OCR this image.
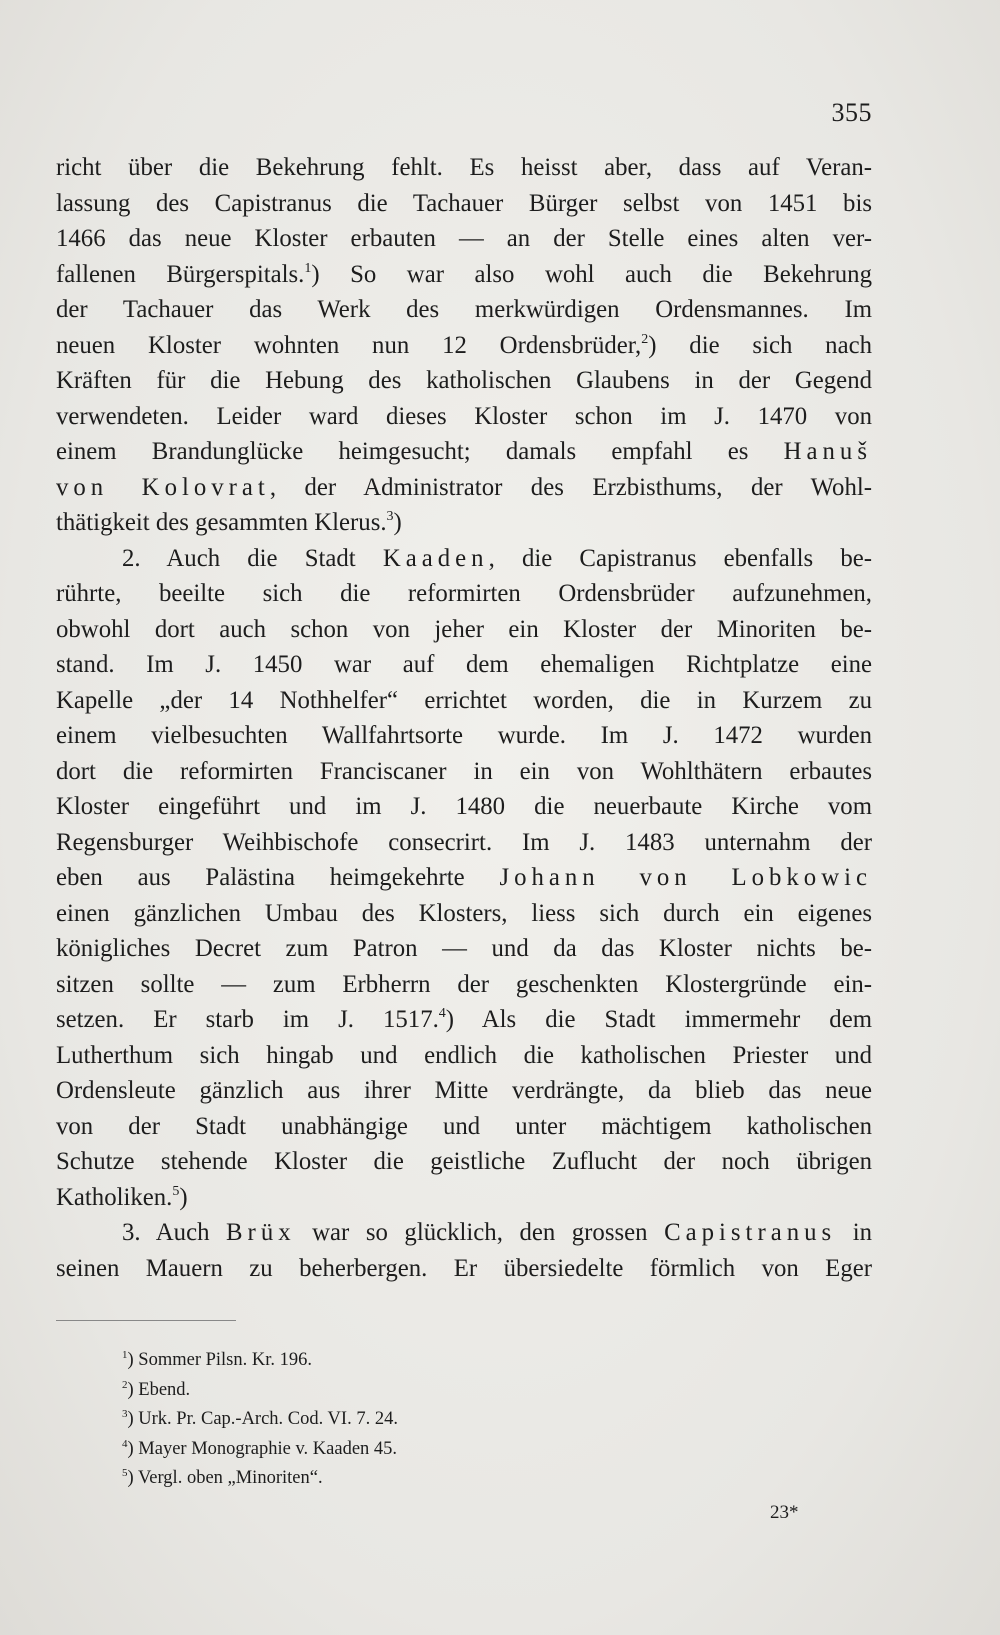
355
richt über die Bekehrung fehlt. Es heisst aber, dass auf Veran-
lassung des Capistranus die Tachauer Bürger selbst von 1451 bis
1466 das neue Kloster erbauten — an der Stelle eines alten ver-
fallenen Bürgerspitals.$^1$) So war also wohl auch die Bekehrung
der Tachauer das Werk des merkwürdigen Ordensmannes. Im
neuen Kloster wohnten nun 12 Ordensbrüder,$^2$) die sich nach
Kräften für die Hebung des katholischen Glaubens in der Gegend
verwendeten. Leider ward dieses Kloster schon im J. 1470 von
einem Brandunglücke heimgesucht; damals empfahl es Hanuš
von Kolovrat, der Administrator des Erzbisthums, der Wohl-
thätigkeit des gesammten Klerus.$^3$)
2. Auch die Stadt Kaaden, die Capistranus ebenfalls be-
rührte, beeilte sich die reformirten Ordensbrüder aufzunehmen,
obwohl dort auch schon von jeher ein Kloster der Minoriten be-
stand. Im J. 1450 war auf dem ehemaligen Richtplatze eine
Kapelle „der 14 Nothhelfer“ errichtet worden, die in Kurzem zu
einem vielbesuchten Wallfahrtsorte wurde. Im J. 1472 wurden
dort die reformirten Franciscaner in ein von Wohlthätern erbautes
Kloster eingeführt und im J. 1480 die neuerbaute Kirche vom
Regensburger Weihbischofe consecrirt. Im J. 1483 unternahm der
eben aus Palästina heimgekehrte Johann von Lobkowic
einen gänzlichen Umbau des Klosters, liess sich durch ein eigenes
königliches Decret zum Patron — und da das Kloster nichts be-
sitzen sollte — zum Erbherrn der geschenkten Klostergründe ein-
setzen. Er starb im J. 1517.$^4$) Als die Stadt immermehr dem
Lutherthum sich hingab und endlich die katholischen Priester und
Ordensleute gänzlich aus ihrer Mitte verdrängte, da blieb das neue
von der Stadt unabhängige und unter mächtigem katholischen
Schutze stehende Kloster die geistliche Zuflucht der noch übrigen
Katholiken.$^5$)
3. Auch Brüx war so glücklich, den grossen Capistranus in
seinen Mauern zu beherbergen. Er übersiedelte förmlich von Eger
$^1$) Sommer Pilsn. Kr. 196.
$^2$) Ebend.
$^3$) Urk. Pr. Cap.-Arch. Cod. VI. 7. 24.
$^4$) Mayer Monographie v. Kaaden 45.
$^5$) Vergl. oben „Minoriten“.
23*
